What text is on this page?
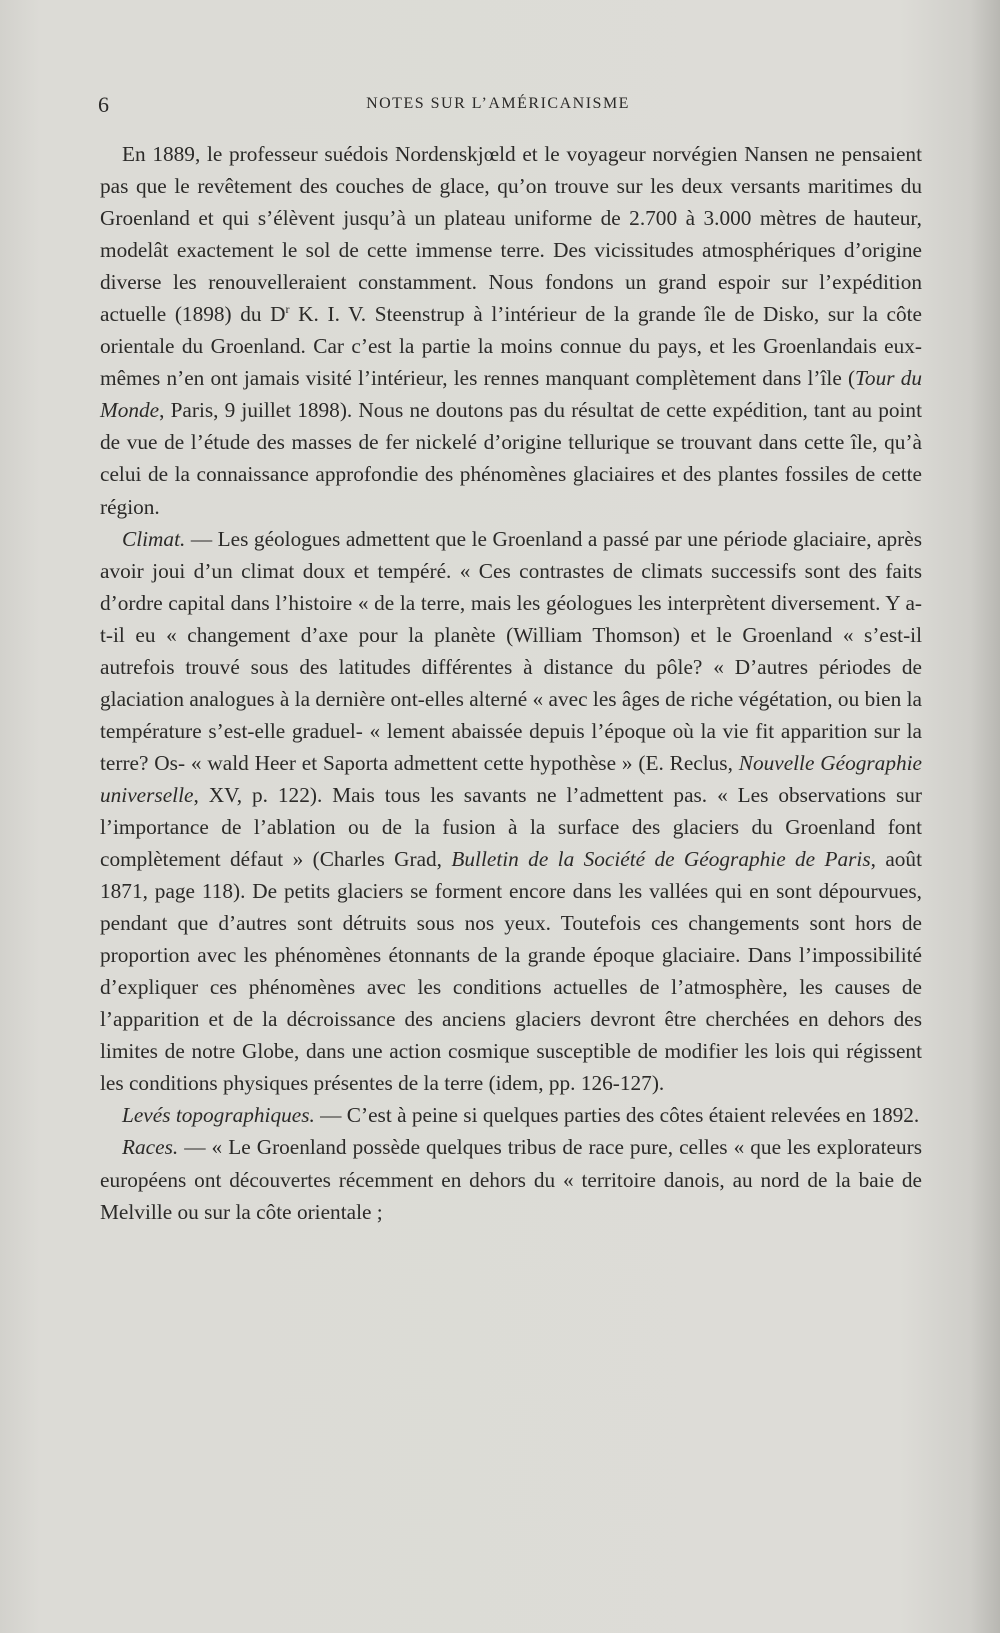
6	NOTES SUR L’AMÉRICANISME

En 1889, le professeur suédois Nordenskjœld et le voyageur norvégien Nansen ne pensaient pas que le revêtement des couches de glace, qu’on trouve sur les deux versants maritimes du Groenland et qui s’élèvent jusqu’à un plateau uniforme de 2.700 à 3.000 mètres de hauteur, modelât exactement le sol de cette immense terre. Des vicissitudes atmosphériques d’origine diverse les renouvelleraient constamment. Nous fondons un grand espoir sur l’expédition actuelle (1898) du $D^r$ K. I. V. Steenstrup à l’intérieur de la grande île de Disko, sur la côte orientale du Groenland. Car c’est la partie la moins connue du pays, et les Groenlandais eux-mêmes n’en ont jamais visité l’intérieur, les rennes manquant complètement dans l’île (Tour du Monde, Paris, 9 juillet 1898). Nous ne doutons pas du résultat de cette expédition, tant au point de vue de l’étude des masses de fer nickelé d’origine tellurique se trouvant dans cette île, qu’à celui de la connaissance approfondie des phénomènes glaciaires et des plantes fossiles de cette région.

Climat. — Les géologues admettent que le Groenland a passé par une période glaciaire, après avoir joui d’un climat doux et tempéré. « Ces contrastes de climats successifs sont des faits d’ordre capital dans l’histoire « de la terre, mais les géologues les interprètent diversement. Y a-t-il eu « changement d’axe pour la planète (William Thomson) et le Groenland « s’est-il autrefois trouvé sous des latitudes différentes à distance du pôle? « D’autres périodes de glaciation analogues à la dernière ont-elles alterné « avec les âges de riche végétation, ou bien la température s’est-elle graduel- « lement abaissée depuis l’époque où la vie fit apparition sur la terre? Os- « wald Heer et Saporta admettent cette hypothèse » (E. Reclus, Nouvelle Géographie universelle, XV, p. 122). Mais tous les savants ne l’admettent pas. « Les observations sur l’importance de l’ablation ou de la fusion à la surface des glaciers du Groenland font complètement défaut » (Charles Grad, Bulletin de la Société de Géographie de Paris, août 1871, page 118). De petits glaciers se forment encore dans les vallées qui en sont dépourvues, pendant que d’autres sont détruits sous nos yeux. Toutefois ces changements sont hors de proportion avec les phénomènes étonnants de la grande époque glaciaire. Dans l’impossibilité d’expliquer ces phénomènes avec les conditions actuelles de l’atmosphère, les causes de l’apparition et de la décroissance des anciens glaciers devront être cherchées en dehors des limites de notre Globe, dans une action cosmique susceptible de modifier les lois qui régissent les conditions physiques présentes de la terre (idem, pp. 126-127).

Levés topographiques. — C’est à peine si quelques parties des côtes étaient relevées en 1892.

Races. — « Le Groenland possède quelques tribus de race pure, celles « que les explorateurs européens ont découvertes récemment en dehors du « territoire danois, au nord de la baie de Melville ou sur la côte orientale ;
